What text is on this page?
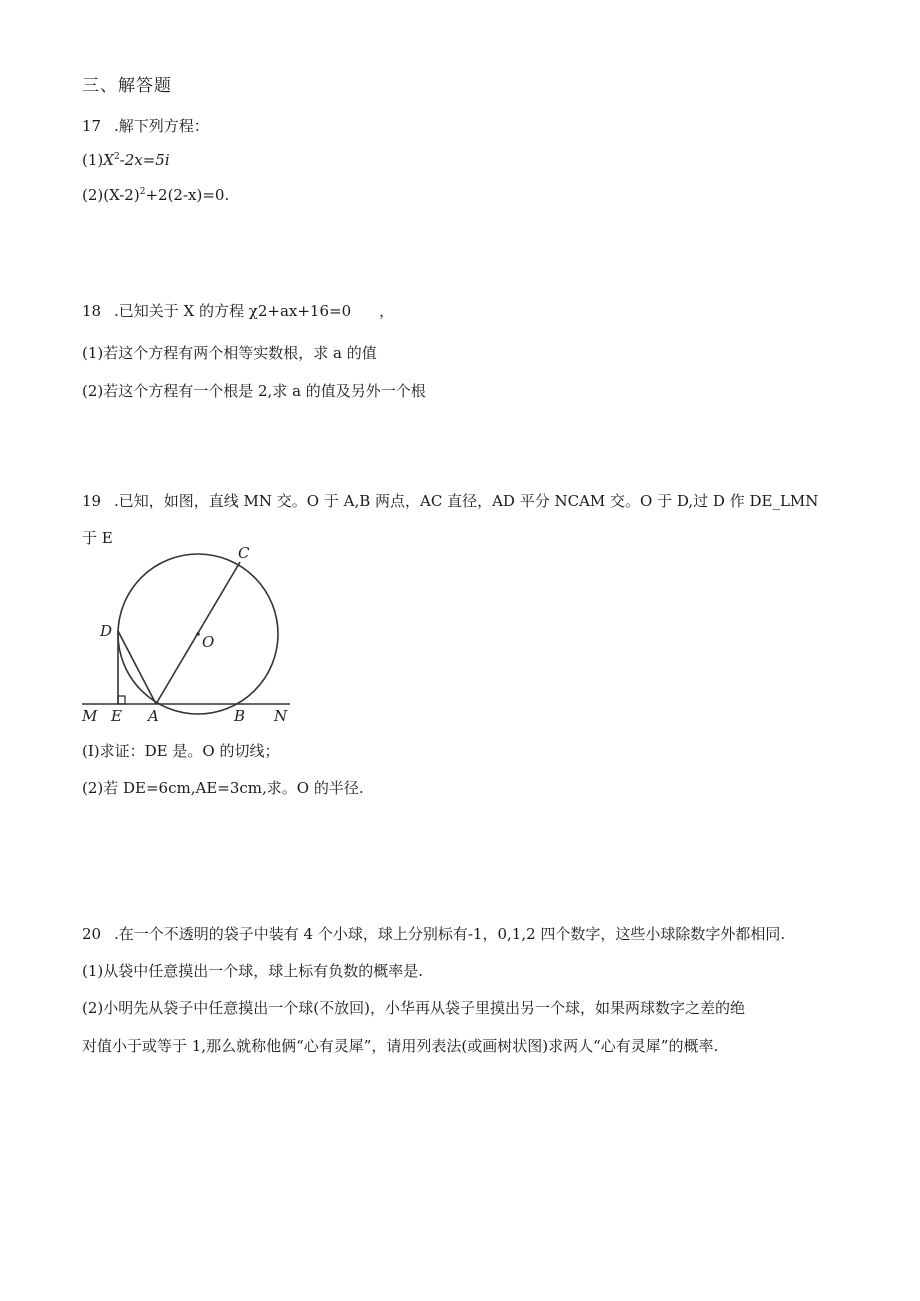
三、解答题
17 .解下列方程：
$(1)X^2-2x=5i$
$(2)(X-2)^2+2(2-x)=0$.
18 .已知关于 X 的方程 χ2+ax+16=0 ，
(1)若这个方程有两个相等实数根，求 a 的值
(2)若这个方程有一个根是 2,求 a 的值及另外一个根
19 .已知，如图，直线 MN 交。O 于 A,B 两点，AC 直径，AD 平分 NCAM 交。O 于 D,过 D 作 DE_LMN
于 E
C
D
O
M E A	B N
(I)求证：DE 是。O 的切线；
(2)若 DE=6cm,AE=3cm,求。O 的半径.
20 .在一个不透明的袋子中装有 4 个小球，球上分别标有-1，0,1,2 四个数字，这些小球除数字外都相同.
(1)从袋中任意摸出一个球，球上标有负数的概率是.
(2)小明先从袋子中任意摸出一个球(不放回)，小华再从袋子里摸出另一个球，如果两球数字之差的绝
对值小于或等于 1,那么就称他俩“心有灵犀”，请用列表法(或画树状图)求两人“心有灵犀”的概率.
